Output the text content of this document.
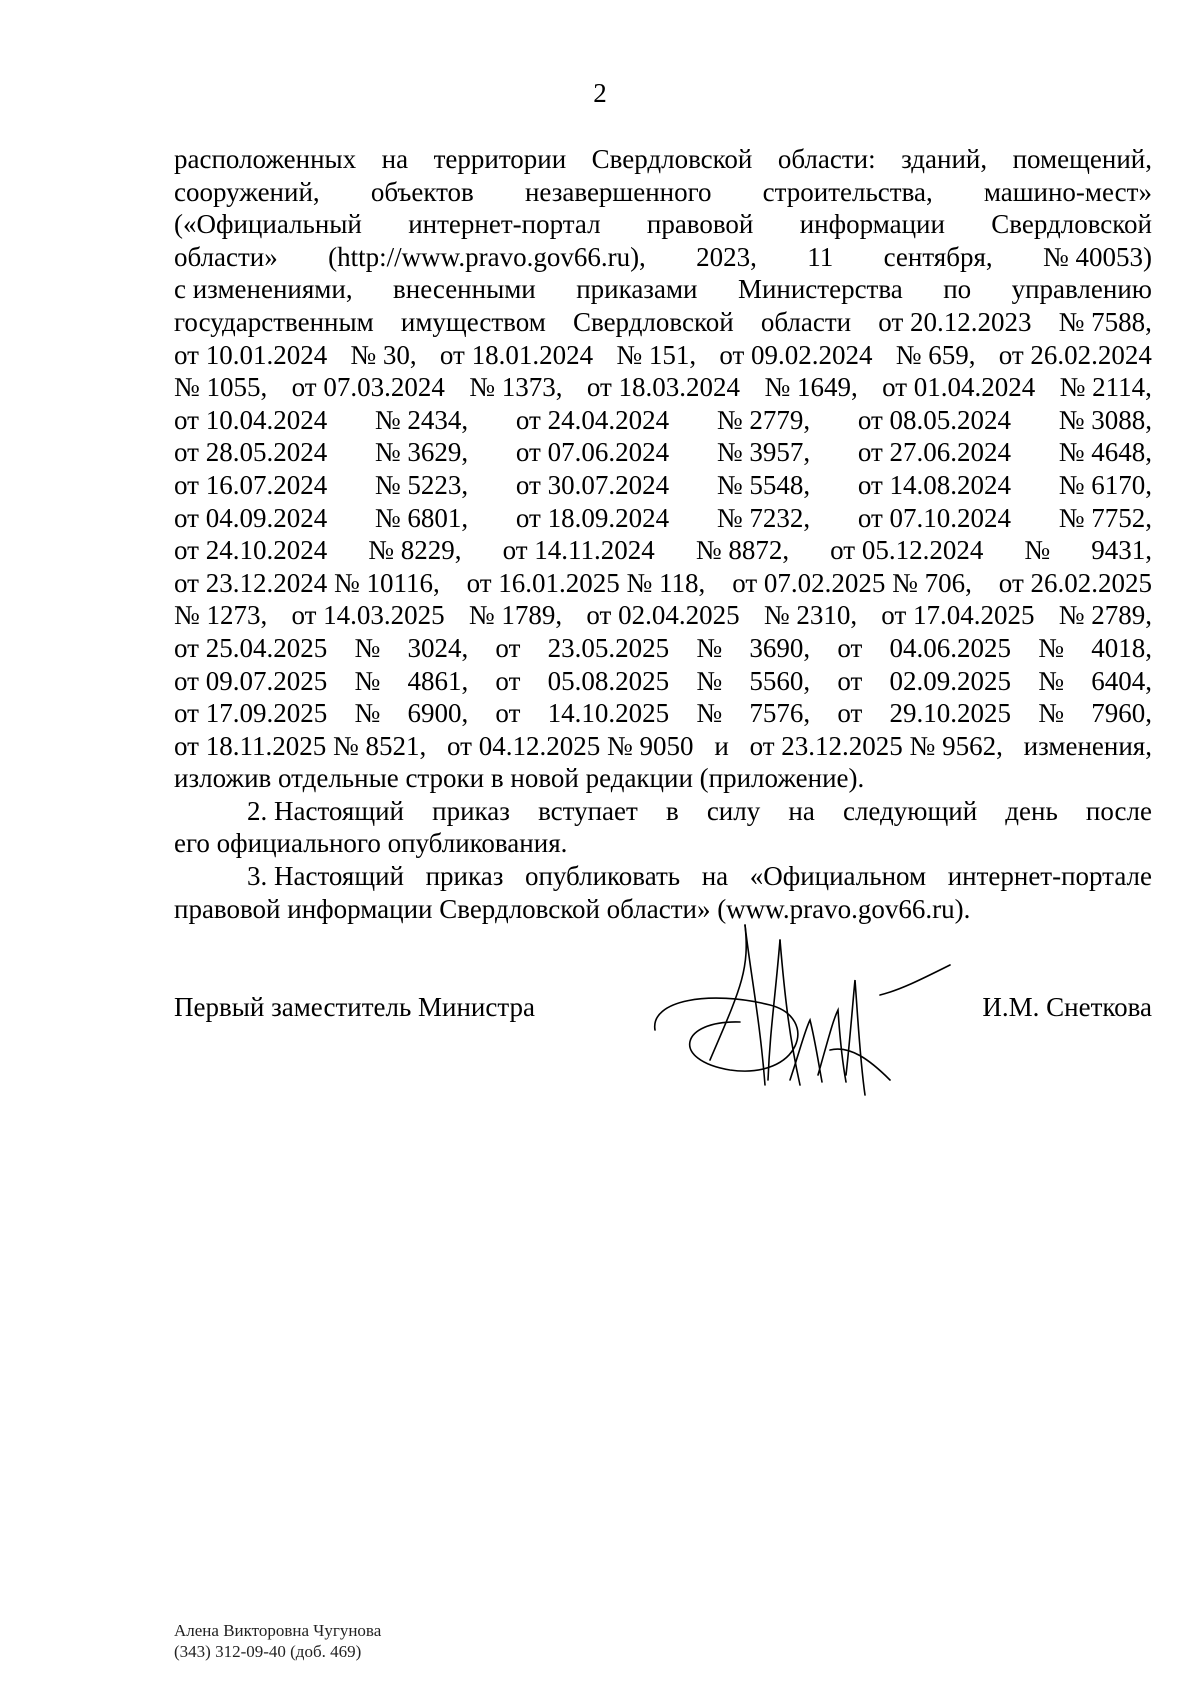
2
расположенных на территории Свердловской области: зданий, помещений,
сооружений, объектов незавершенного строительства, машино-мест»
(«Официальный интернет-портал правовой информации Свердловской
области» (http://www.pravo.gov66.ru), 2023, 11 сентября, № 40053)
с изменениями, внесенными приказами Министерства по управлению
государственным имуществом Свердловской области от 20.12.2023 № 7588,
от 10.01.2024 № 30, от 18.01.2024 № 151, от 09.02.2024 № 659, от 26.02.2024
№ 1055, от 07.03.2024 № 1373, от 18.03.2024 № 1649, от 01.04.2024 № 2114,
от 10.04.2024 № 2434, от 24.04.2024 № 2779, от 08.05.2024 № 3088,
от 28.05.2024 № 3629, от 07.06.2024 № 3957, от 27.06.2024 № 4648,
от 16.07.2024 № 5223, от 30.07.2024 № 5548, от 14.08.2024 № 6170,
от 04.09.2024 № 6801, от 18.09.2024 № 7232, от 07.10.2024 № 7752,
от 24.10.2024 № 8229, от 14.11.2024 № 8872, от 05.12.2024 № 9431,
от 23.12.2024 № 10116, от 16.01.2025 № 118, от 07.02.2025 № 706, от 26.02.2025
№ 1273, от 14.03.2025 № 1789, от 02.04.2025 № 2310, от 17.04.2025 № 2789,
от 25.04.2025 № 3024, от 23.05.2025 № 3690, от 04.06.2025 № 4018,
от 09.07.2025 № 4861, от 05.08.2025 № 5560, от 02.09.2025 № 6404,
от 17.09.2025 № 6900, от 14.10.2025 № 7576, от 29.10.2025 № 7960,
от 18.11.2025 № 8521, от 04.12.2025 № 9050 и от 23.12.2025 № 9562, изменения,
изложив отдельные строки в новой редакции (приложение).
2. Настоящий приказ вступает в силу на следующий день после
его официального опубликования.
3. Настоящий приказ опубликовать на «Официальном интернет-портале
правовой информации Свердловской области» (www.pravo.gov66.ru).
Первый заместитель Министра	И.М. Снеткова
Алена Викторовна Чугунова
(343) 312-09-40 (доб. 469)
